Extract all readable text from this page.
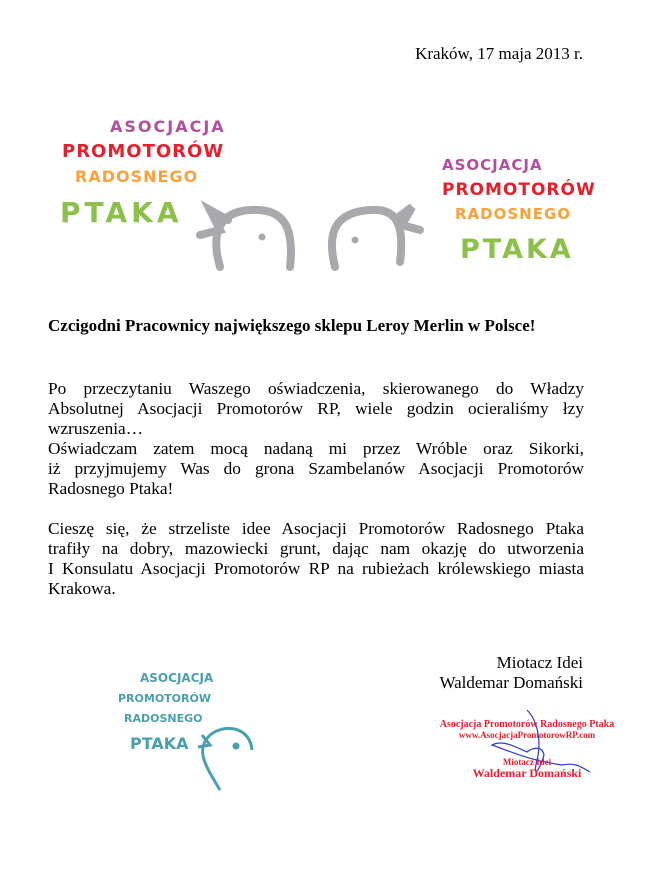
Kraków, 17 maja 2013 r.
ASOCJACJA
PROMOTORÓW
RADOSNEGO
PTAKA
ASOCJACJA
PROMOTORÓW
RADOSNEGO
PTAKA
Czcigodni Pracownicy największego sklepu Leroy Merlin w Polsce!
Po przeczytaniu Waszego oświadczenia, skierowanego do Władzy
Absolutnej Asocjacji Promotorów RP, wiele godzin ocieraliśmy łzy
wzruszenia…
Oświadczam zatem mocą nadaną mi przez Wróble oraz Sikorki,
iż przyjmujemy Was do grona Szambelanów Asocjacji Promotorów
Radosnego Ptaka!
Cieszę się, że strzeliste idee Asocjacji Promotorów Radosnego Ptaka
trafiły na dobry, mazowiecki grunt, dając nam okazję do utworzenia
I Konsulatu Asocjacji Promotorów RP na rubieżach królewskiego miasta
Krakowa.
Miotacz Idei
Waldemar Domański
ASOCJACJA
PROMOTORÓW
RADOSNEGO
PTAKA
Asocjacja Promotorów Radosnego Ptaka
www.AsocjacjaPromotorowRP.com
Miotacz Idei
Waldemar Domański
